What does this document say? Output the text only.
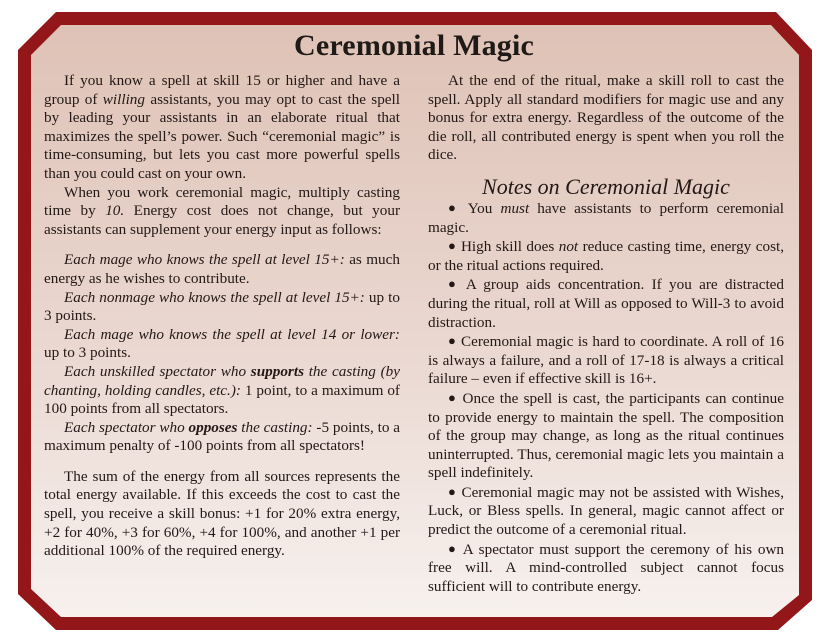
Ceremonial Magic

If you know a spell at skill 15 or higher and have a group of willing assistants, you may opt to cast the spell by leading your assistants in an elaborate ritual that maximizes the spell’s power. Such “ceremonial magic” is time-consuming, but lets you cast more powerful spells than you could cast on your own.

When you work ceremonial magic, multiply casting time by 10. Energy cost does not change, but your assistants can supplement your energy input as follows:

Each mage who knows the spell at level 15+: as much energy as he wishes to contribute.

Each nonmage who knows the spell at level 15+: up to 3 points.

Each mage who knows the spell at level 14 or lower: up to 3 points.

Each unskilled spectator who supports the casting (by chanting, holding candles, etc.): 1 point, to a maximum of 100 points from all spectators.

Each spectator who opposes the casting: -5 points, to a maximum penalty of -100 points from all spectators!

The sum of the energy from all sources represents the total energy available. If this exceeds the cost to cast the spell, you receive a skill bonus: +1 for 20% extra energy, +2 for 40%, +3 for 60%, +4 for 100%, and another +1 per additional 100% of the required energy.

At the end of the ritual, make a skill roll to cast the spell. Apply all standard modifiers for magic use and any bonus for extra energy. Regardless of the outcome of the die roll, all contributed energy is spent when you roll the dice.

Notes on Ceremonial Magic

● You must have assistants to perform ceremonial magic.

● High skill does not reduce casting time, energy cost, or the ritual actions required.

● A group aids concentration. If you are distracted during the ritual, roll at Will as opposed to Will-3 to avoid distraction.

● Ceremonial magic is hard to coordinate. A roll of 16 is always a failure, and a roll of 17-18 is always a critical failure – even if effective skill is 16+.

● Once the spell is cast, the participants can continue to provide energy to maintain the spell. The composition of the group may change, as long as the ritual continues uninterrupted. Thus, ceremonial magic lets you maintain a spell indefinitely.

● Ceremonial magic may not be assisted with Wishes, Luck, or Bless spells. In general, magic cannot affect or predict the outcome of a ceremonial ritual.

● A spectator must support the ceremony of his own free will. A mind-controlled subject cannot focus sufficient will to contribute energy.
